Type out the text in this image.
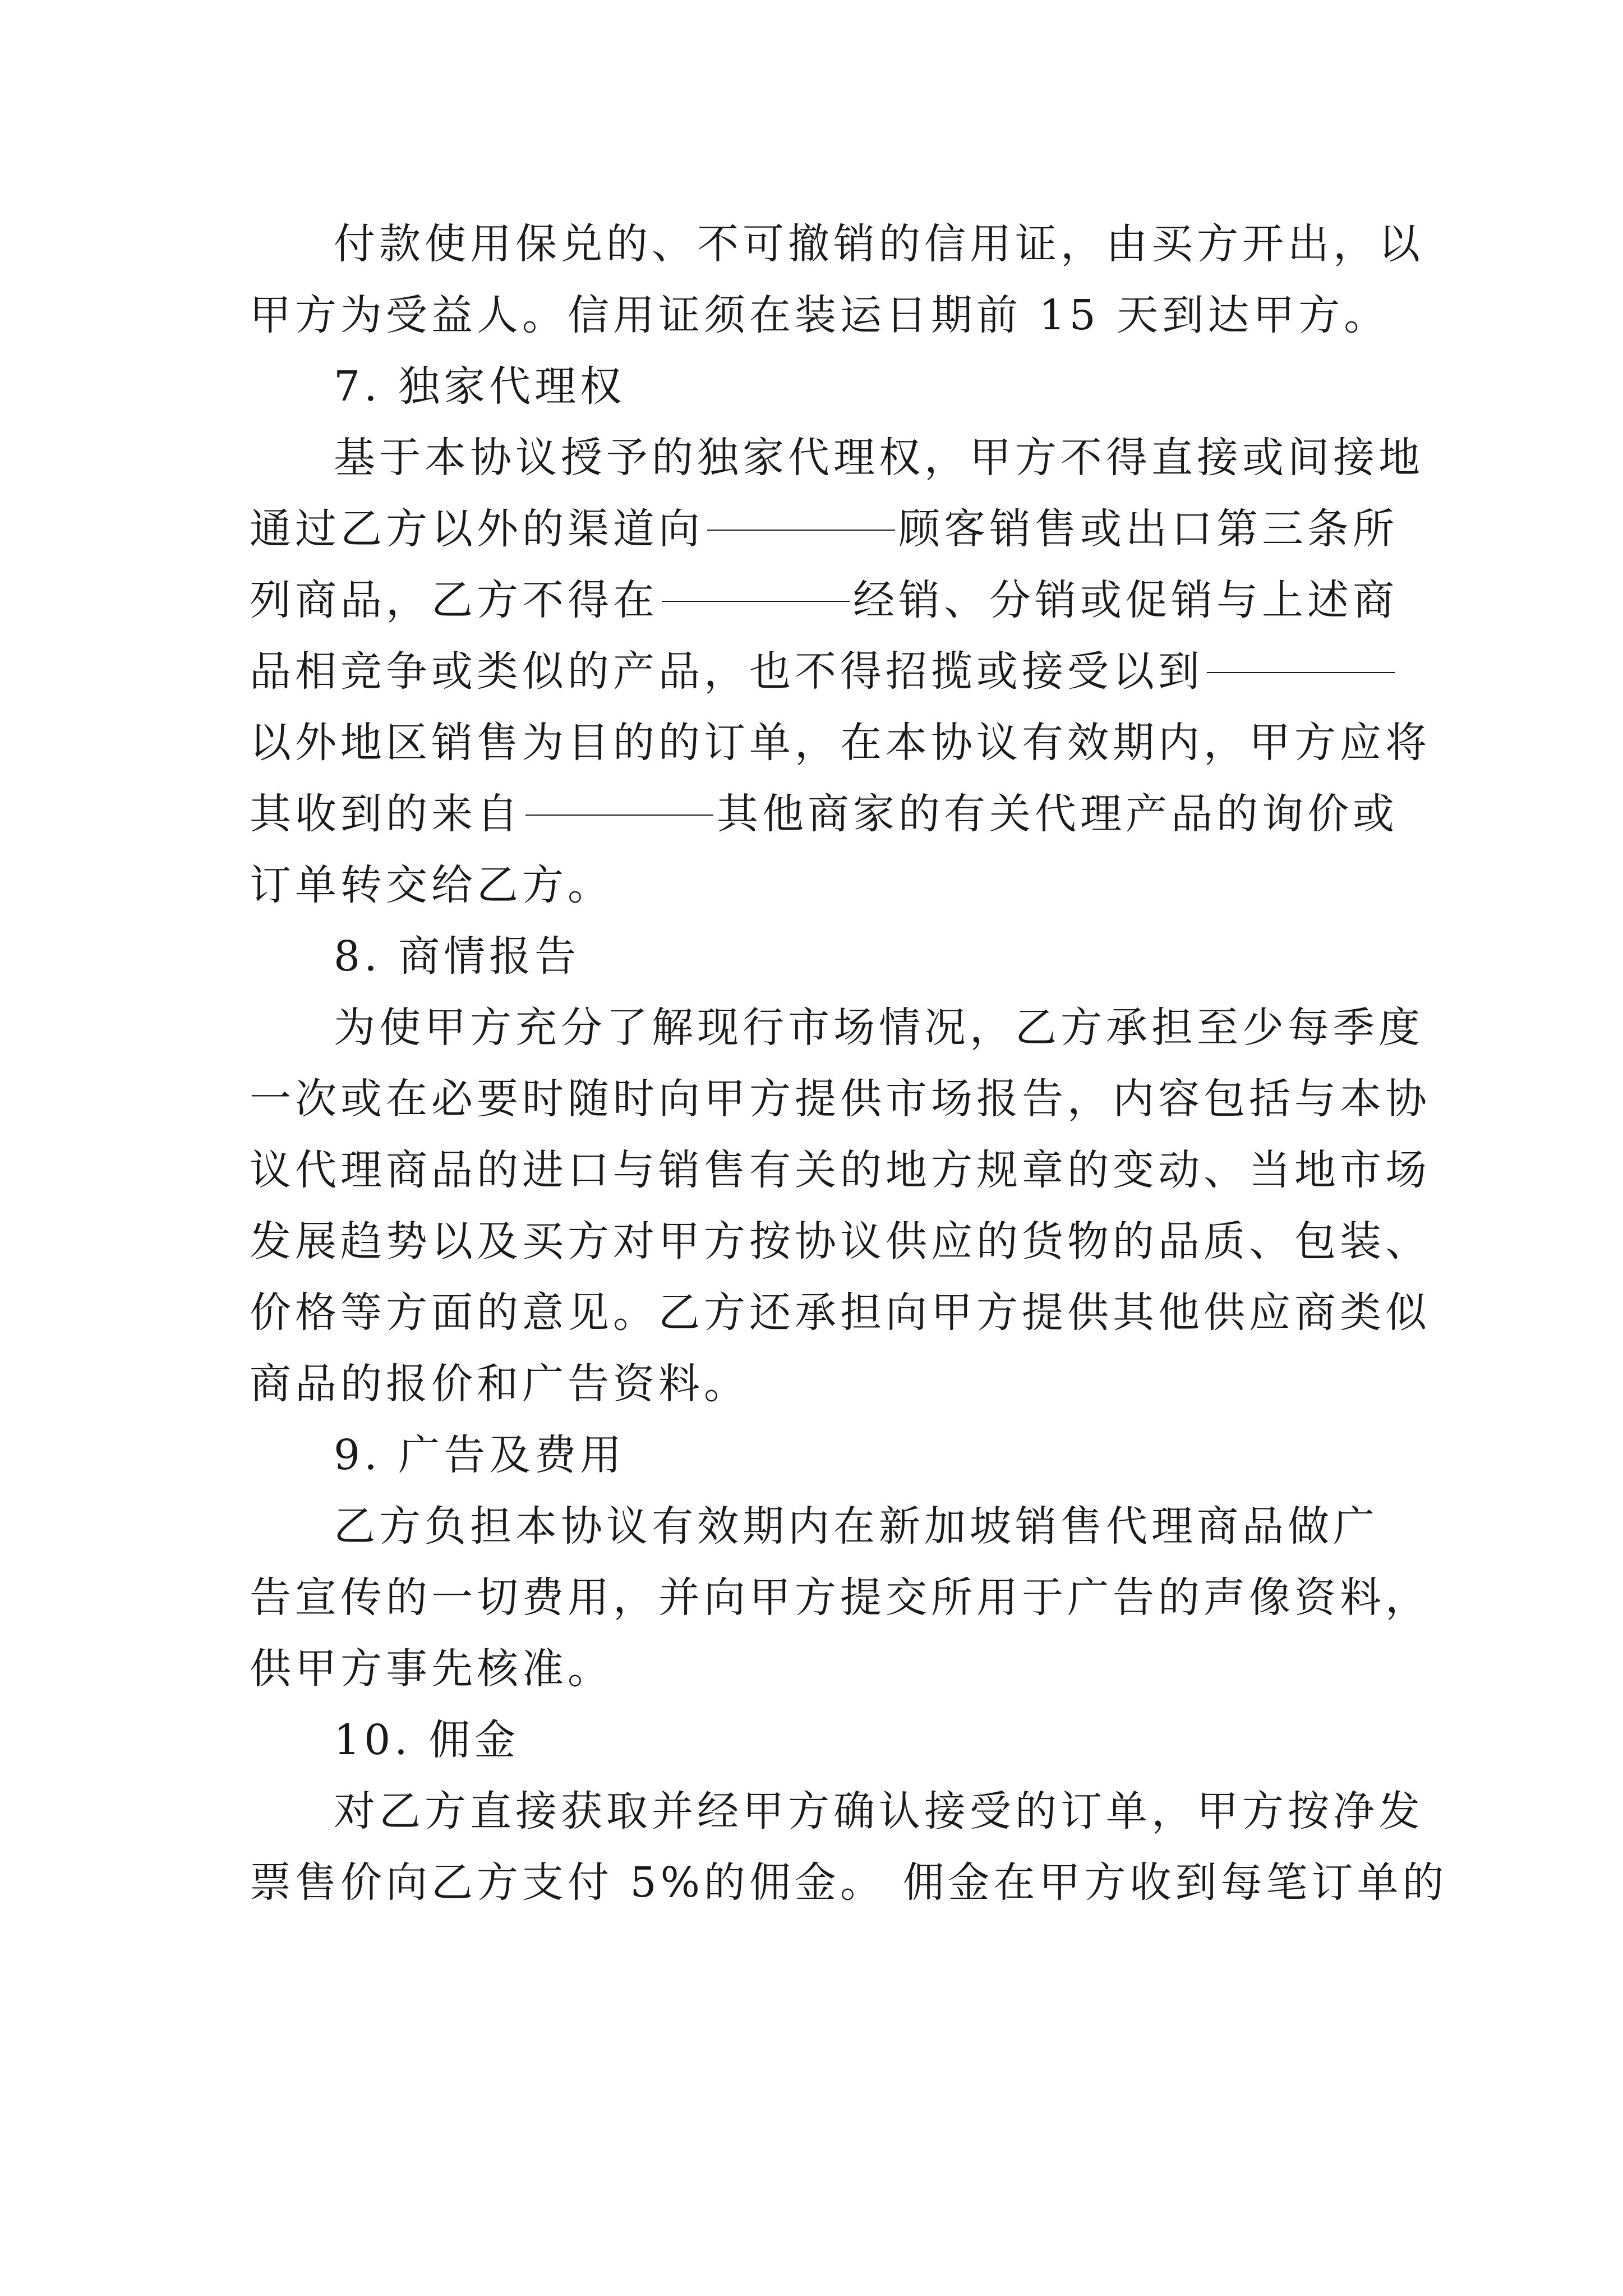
付款使用保兑的、不可撤销的信用证，由买方开出，以
甲方为受益人。信用证须在装运日期前 15 天到达甲方。
7. 独家代理权
基于本协议授予的独家代理权，甲方不得直接或间接地
通过乙方以外的渠道向	顾客销售或出口第三条所
列商品，乙方不得在	经销、分销或促销与上述商
品相竞争或类似的产品，也不得招揽或接受以到
以外地区销售为目的的订单，在本协议有效期内，甲方应将
其收到的来自	其他商家的有关代理产品的询价或
订单转交给乙方。
8. 商情报告
为使甲方充分了解现行市场情况，乙方承担至少每季度
一次或在必要时随时向甲方提供市场报告，内容包括与本协
议代理商品的进口与销售有关的地方规章的变动、当地市场
发展趋势以及买方对甲方按协议供应的货物的品质、包装、
价格等方面的意见。乙方还承担向甲方提供其他供应商类似
商品的报价和广告资料。
9. 广告及费用
乙方负担本协议有效期内在新加坡销售代理商品做广
告宣传的一切费用，并向甲方提交所用于广告的声像资料，
供甲方事先核准。
10. 佣金
对乙方直接获取并经甲方确认接受的订单，甲方按净发
票售价向乙方支付 5%的佣金。 佣金在甲方收到每笔订单的
